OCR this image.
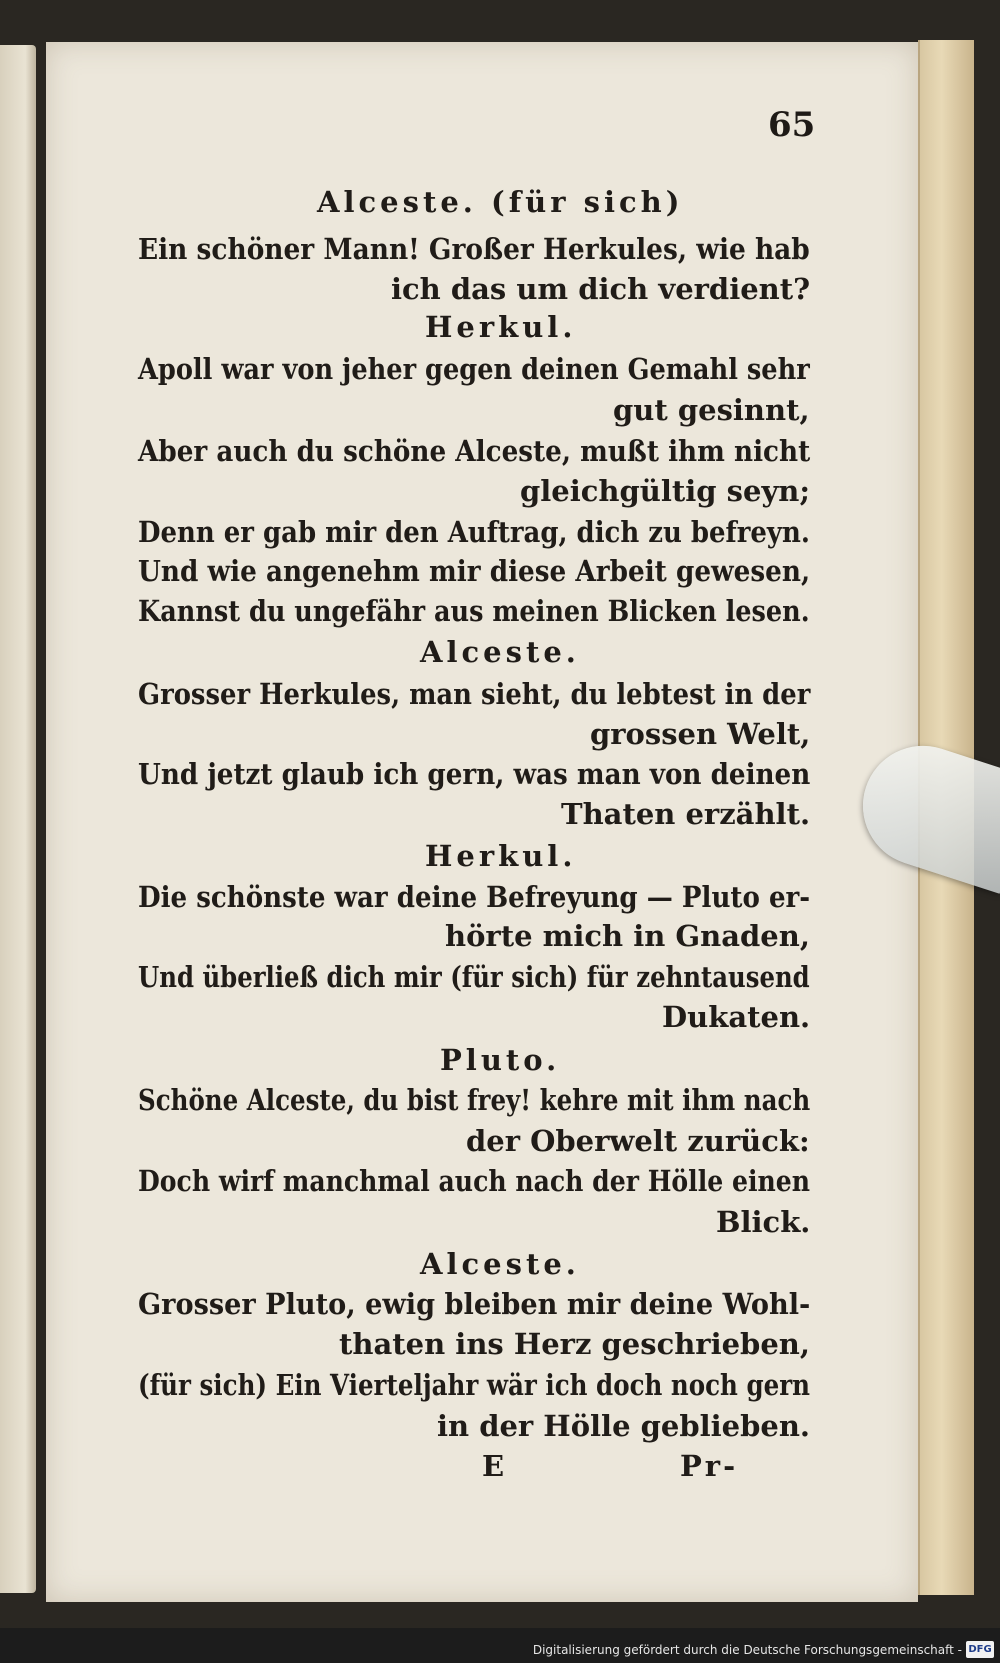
65

Alceste. (für sich)

Ein schöner Mann! Großer Herkules, wie hab

ich das um dich verdient?

Herkul.

Apoll war von jeher gegen deinen Gemahl sehr

gut gesinnt,

Aber auch du schöne Alceste, mußt ihm nicht

gleichgültig seyn;

Denn er gab mir den Auftrag, dich zu befreyn.

Und wie angenehm mir diese Arbeit gewesen,

Kannst du ungefähr aus meinen Blicken lesen.

Alceste.

Grosser Herkules, man sieht, du lebtest in der

grossen Welt,

Und jetzt glaub ich gern, was man von deinen

Thaten erzählt.

Herkul.

Die schönste war deine Befreyung — Pluto er-

hörte mich in Gnaden,

Und überließ dich mir (für sich) für zehntausend

Dukaten.

Pluto.

Schöne Alceste, du bist frey! kehre mit ihm nach

der Oberwelt zurück:

Doch wirf manchmal auch nach der Hölle einen

Blick.

Alceste.

Grosser Pluto, ewig bleiben mir deine Wohl-

thaten ins Herz geschrieben,

(für sich) Ein Vierteljahr wär ich doch noch gern

in der Hölle geblieben.

E	Pr-
Digitalisierung gefördert durch die Deutsche Forschungsgemeinschaft - DFG
